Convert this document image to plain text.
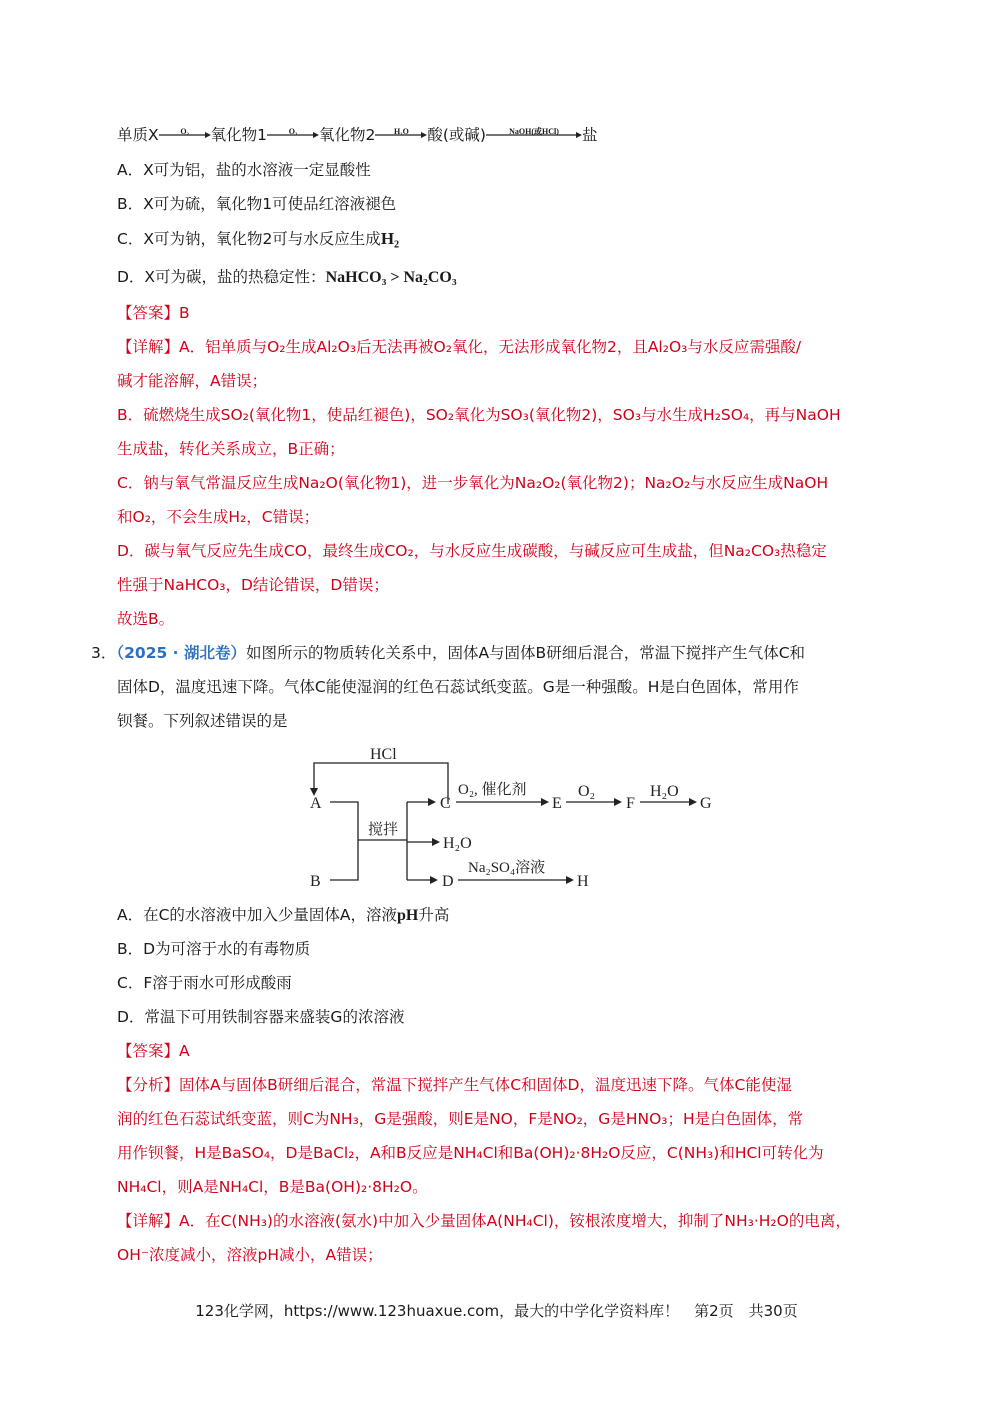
单质X	O₂	氧化物1	O₂	氧化物2	H₂O	酸(或碱)	NaOH(或HCl)	盐
A．X可为铝，盐的水溶液一定显酸性
B．X可为硫，氧化物1可使品红溶液褪色
C．X可为钠，氧化物2可与水反应生成H₂
D．X可为碳，盐的热稳定性：NaHCO₃ > Na₂CO₃
【答案】B
【详解】A．铝单质与O₂生成Al₂O₃后无法再被O₂氧化，无法形成氧化物2，且Al₂O₃与水反应需强酸/
碱才能溶解，A错误；
B．硫燃烧生成SO₂(氧化物1，使品红褪色)，SO₂氧化为SO₃(氧化物2)，SO₃与水生成H₂SO₄，再与NaOH
生成盐，转化关系成立，B正确；
C．钠与氧气常温反应生成Na₂O(氧化物1)，进一步氧化为Na₂O₂(氧化物2)；Na₂O₂与水反应生成NaOH
和O₂，不会生成H₂，C错误；
D．碳与氧气反应先生成CO，最终生成CO₂，与水反应生成碳酸，与碱反应可生成盐，但Na₂CO₃热稳定
性强于NaHCO₃，D结论错误，D错误；
故选B。
3．（2025 · 湖北卷）如图所示的物质转化关系中，固体A与固体B研细后混合，常温下搅拌产生气体C和
固体D，温度迅速下降。气体C能使湿润的红色石蕊试纸变蓝。G是一种强酸。H是白色固体，常用作
钡餐。下列叙述错误的是
HCl
A
B
搅拌
C
O₂, 催化剂
E
O₂
F
H₂O
G
H₂O
D
Na₂SO₄溶液
H
A．在C的水溶液中加入少量固体A，溶液pH升高
B．D为可溶于水的有毒物质
C．F溶于雨水可形成酸雨
D．常温下可用铁制容器来盛装G的浓溶液
【答案】A
【分析】固体A与固体B研细后混合，常温下搅拌产生气体C和固体D，温度迅速下降。气体C能使湿
润的红色石蕊试纸变蓝，则C为NH₃，G是强酸，则E是NO，F是NO₂，G是HNO₃；H是白色固体，常
用作钡餐，H是BaSO₄，D是BaCl₂，A和B反应是NH₄Cl和Ba(OH)₂·8H₂O反应，C(NH₃)和HCl可转化为
NH₄Cl，则A是NH₄Cl，B是Ba(OH)₂·8H₂O。
【详解】A．在C(NH₃)的水溶液(氨水)中加入少量固体A(NH₄Cl)，铵根浓度增大，抑制了NH₃·H₂O的电离，
OH⁻浓度减小，溶液pH减小，A错误；
123化学网，https://www.123huaxue.com，最大的中学化学资料库！　第2页　共30页
